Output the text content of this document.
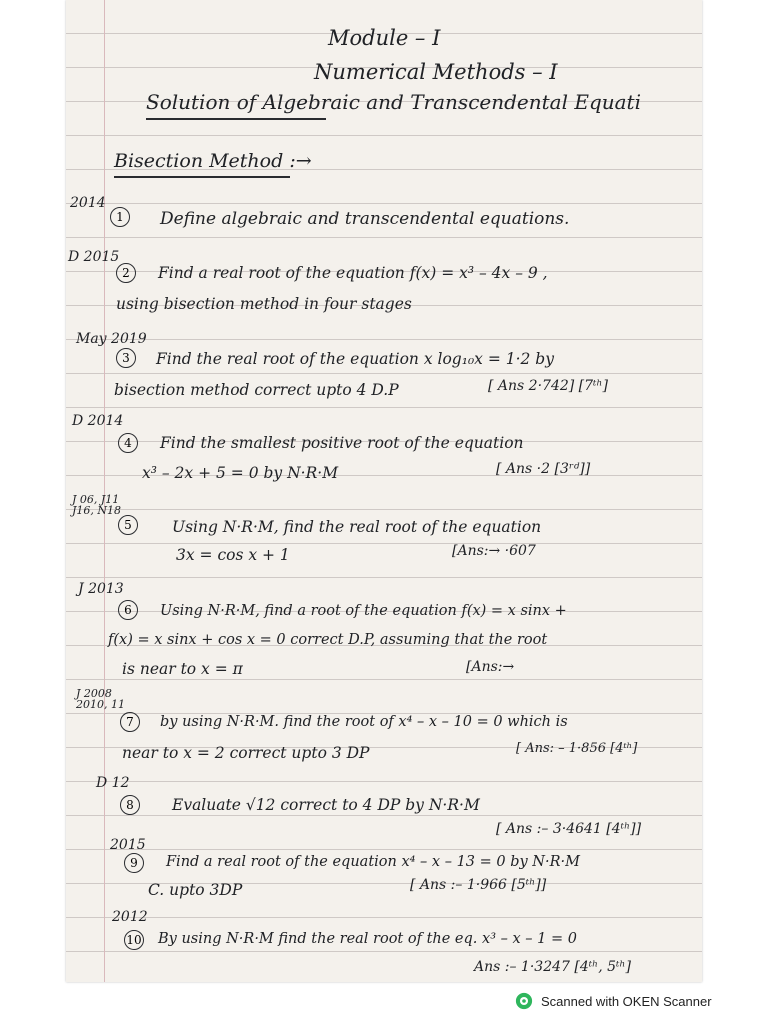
Module – I
Numerical Methods – I
Solution of Algebraic and Transcendental Equati
Bisection Method :→
2014
1	Define algebraic and transcendental equations.
D 2015
2	Find a real root of the equation f(x) = x³ – 4x – 9 ,
using bisection method in four stages
May 2019
3	Find the real root of the equation x log₁₀x = 1·2 by
bisection method correct upto 4 D.P	[ Ans 2·742] [7ᵗʰ]
D 2014
4	Find the smallest positive root of the equation
x³ – 2x + 5 = 0 by N·R·M	[ Ans ·2 [3ʳᵈ]]
J 06, J11 J16, N18
5	Using N·R·M, find the real root of the equation
3x = cos x + 1	[Ans:→ ·607
J 2013
6	Using N·R·M, find a root of the equation f(x) = x sinx +
f(x) = x sinx + cos x = 0 correct D.P, assuming that the root
is near to x = π	[Ans:→
J 2008 2010, 11
7	by using N·R·M. find the root of x⁴ – x – 10 = 0 which is
near to x = 2 correct upto 3 DP	[ Ans: – 1·856 [4ᵗʰ]
D 12
8	Evaluate √12 correct to 4 DP by N·R·M
[ Ans :– 3·4641 [4ᵗʰ]]
2015
9	Find a real root of the equation x⁴ – x – 13 = 0 by N·R·M
C. upto 3DP	[ Ans :– 1·966 [5ᵗʰ]]
2012
10 By using N·R·M find the real root of the eq. x³ – x – 1 = 0
Ans :– 1·3247 [4ᵗʰ, 5ᵗʰ]
Scanned with OKEN Scanner
